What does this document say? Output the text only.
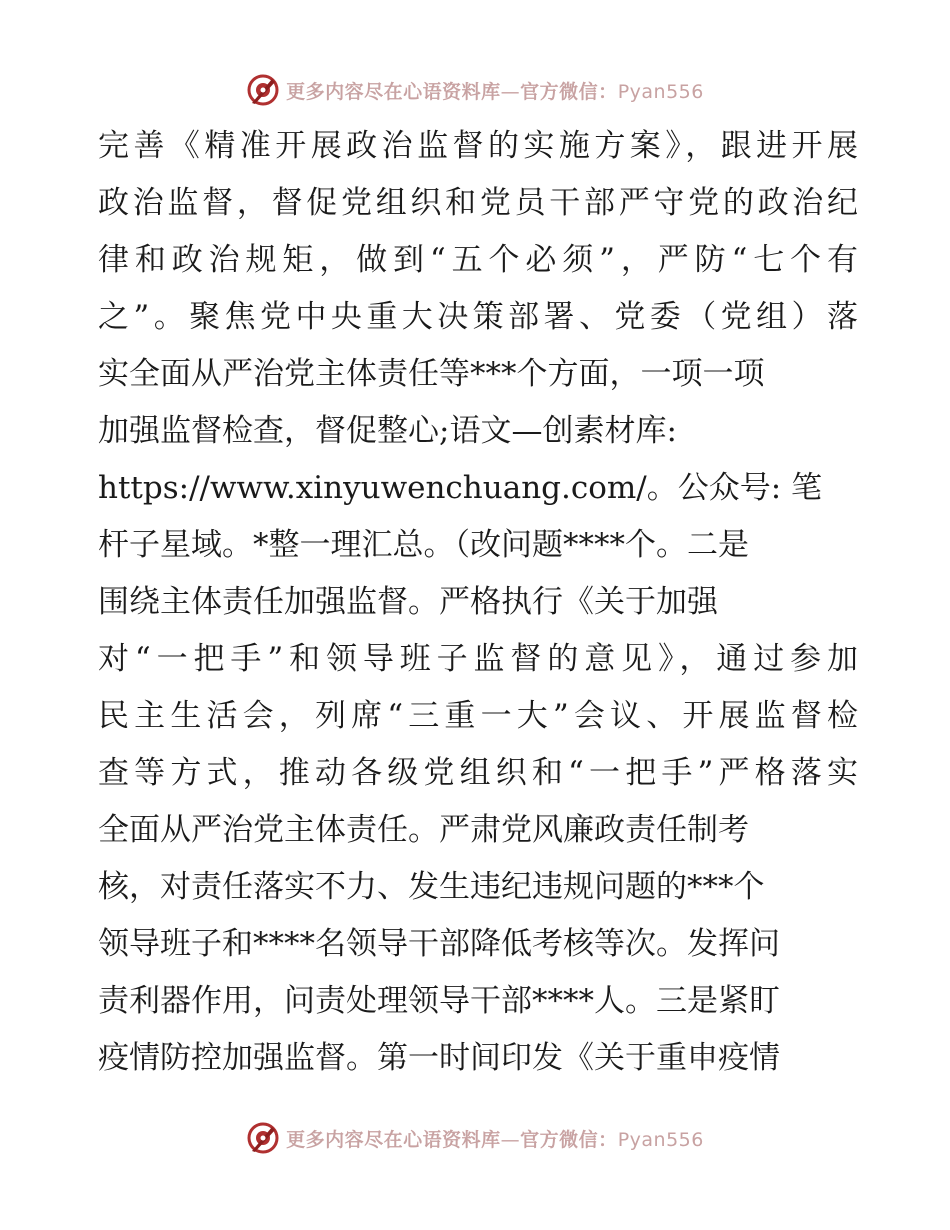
更多内容尽在心语资料库—官方微信：Pyan556
完善《精准开展政治监督的实施方案》，跟进开展
政治监督，督促党组织和党员干部严守党的政治纪
律和政治规矩，做到“五个必须”，严防“七个有
之”。聚焦党中央重大决策部署、党委（党组）落
实全面从严治党主体责任等***个方面，一项一项
加强监督检查，督促整心;语文—创素材库:
https://www.xinyuwenchuang.com/。公众号: 笔
杆子星域。*整一理汇总。（改问题****个。二是
围绕主体责任加强监督。严格执行《关于加强
对“一把手”和领导班子监督的意见》，通过参加
民主生活会，列席“三重一大”会议、开展监督检
查等方式，推动各级党组织和“一把手”严格落实
全面从严治党主体责任。严肃党风廉政责任制考
核，对责任落实不力、发生违纪违规问题的***个
领导班子和****名领导干部降低考核等次。发挥问
责利器作用，问责处理领导干部****人。三是紧盯
疫情防控加强监督。第一时间印发《关于重申疫情
更多内容尽在心语资料库—官方微信：Pyan556
